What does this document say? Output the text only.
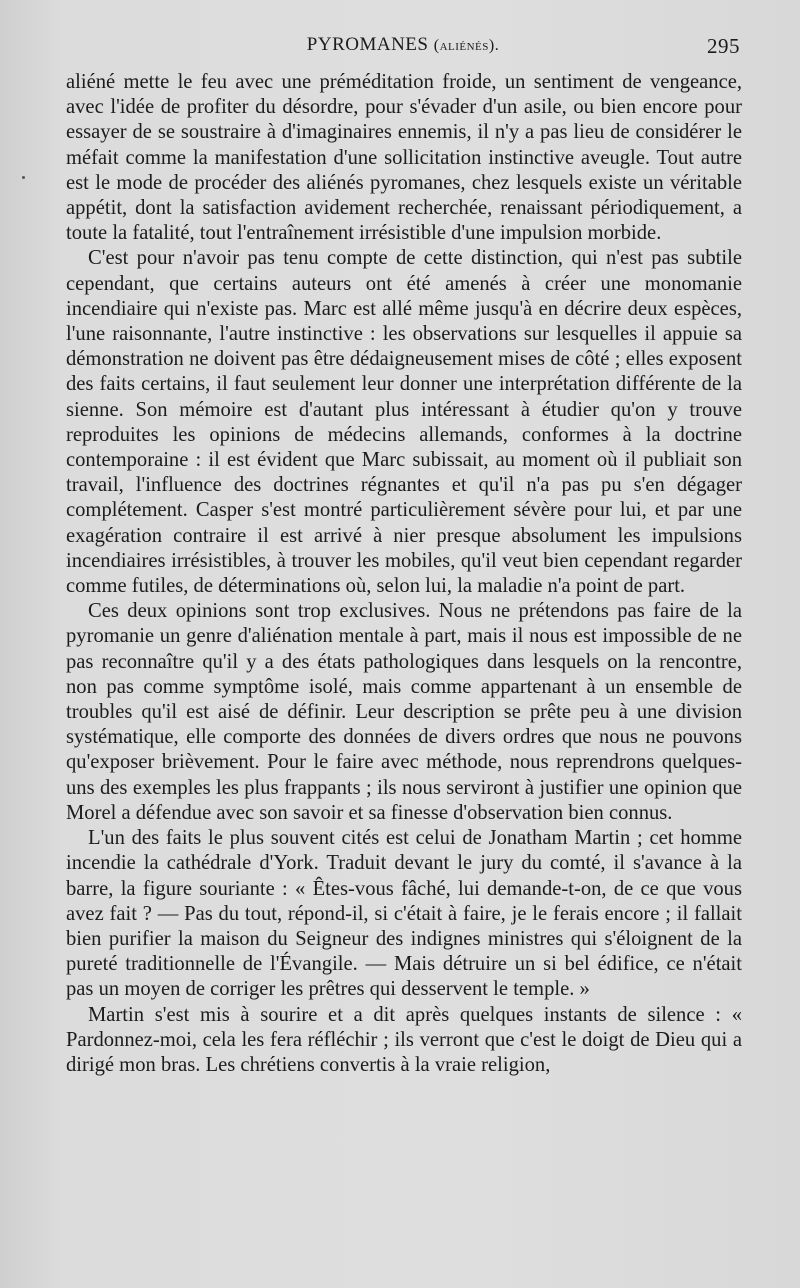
PYROMANES (aliénés).	295

aliéné mette le feu avec une préméditation froide, un sentiment de vengeance, avec l'idée de profiter du désordre, pour s'évader d'un asile, ou bien encore pour essayer de se soustraire à d'imaginaires ennemis, il n'y a pas lieu de considérer le méfait comme la manifestation d'une sollicitation instinctive aveugle. Tout autre est le mode de procéder des aliénés pyromanes, chez lesquels existe un véritable appétit, dont la satisfaction avidement recherchée, renaissant périodiquement, a toute la fatalité, tout l'entraînement irrésistible d'une impulsion morbide.

C'est pour n'avoir pas tenu compte de cette distinction, qui n'est pas subtile cependant, que certains auteurs ont été amenés à créer une monomanie incendiaire qui n'existe pas. Marc est allé même jusqu'à en décrire deux espèces, l'une raisonnante, l'autre instinctive : les observations sur lesquelles il appuie sa démonstration ne doivent pas être dédaigneusement mises de côté ; elles exposent des faits certains, il faut seulement leur donner une interprétation différente de la sienne. Son mémoire est d'autant plus intéressant à étudier qu'on y trouve reproduites les opinions de médecins allemands, conformes à la doctrine contemporaine : il est évident que Marc subissait, au moment où il publiait son travail, l'influence des doctrines régnantes et qu'il n'a pas pu s'en dégager complétement. Casper s'est montré particulièrement sévère pour lui, et par une exagération contraire il est arrivé à nier presque absolument les impulsions incendiaires irrésistibles, à trouver les mobiles, qu'il veut bien cependant regarder comme futiles, de déterminations où, selon lui, la maladie n'a point de part.

Ces deux opinions sont trop exclusives. Nous ne prétendons pas faire de la pyromanie un genre d'aliénation mentale à part, mais il nous est impossible de ne pas reconnaître qu'il y a des états pathologiques dans lesquels on la rencontre, non pas comme symptôme isolé, mais comme appartenant à un ensemble de troubles qu'il est aisé de définir. Leur description se prête peu à une division systématique, elle comporte des données de divers ordres que nous ne pouvons qu'exposer brièvement. Pour le faire avec méthode, nous reprendrons quelques-uns des exemples les plus frappants ; ils nous serviront à justifier une opinion que Morel a défendue avec son savoir et sa finesse d'observation bien connus.

L'un des faits le plus souvent cités est celui de Jonatham Martin ; cet homme incendie la cathédrale d'York. Traduit devant le jury du comté, il s'avance à la barre, la figure souriante : « Êtes-vous fâché, lui demande-t-on, de ce que vous avez fait ? — Pas du tout, répond-il, si c'était à faire, je le ferais encore ; il fallait bien purifier la maison du Seigneur des indignes ministres qui s'éloignent de la pureté traditionnelle de l'Évangile. — Mais détruire un si bel édifice, ce n'était pas un moyen de corriger les prêtres qui desservent le temple. »

Martin s'est mis à sourire et a dit après quelques instants de silence : « Pardonnez-moi, cela les fera réfléchir ; ils verront que c'est le doigt de Dieu qui a dirigé mon bras. Les chrétiens convertis à la vraie religion,
